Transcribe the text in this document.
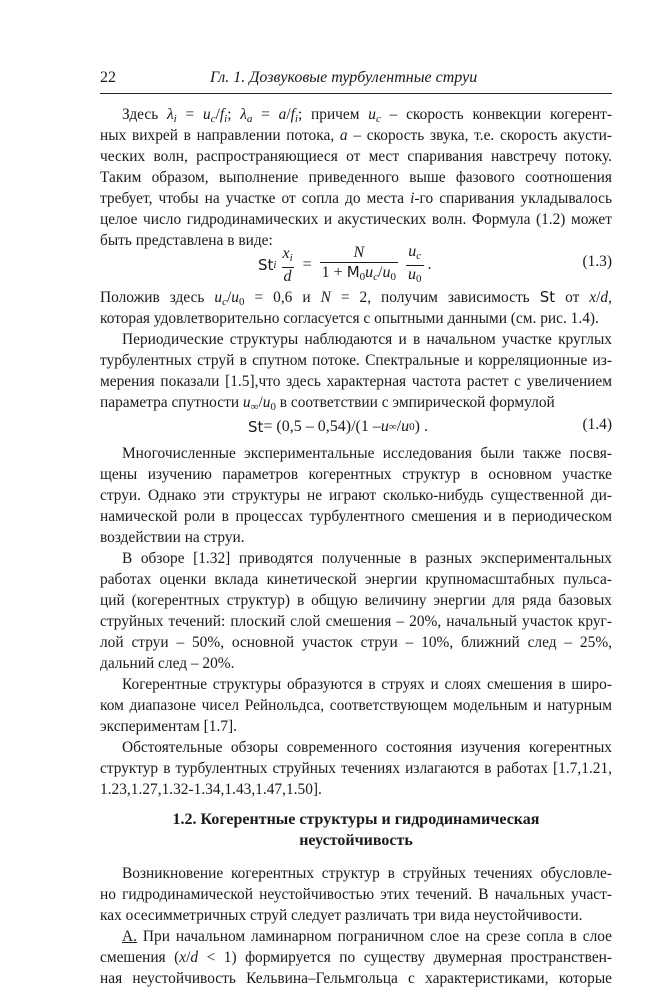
22	Гл. 1. Дозвуковые турбулентные струи
Здесь $\lambda_i = u_c/f_i$; $\lambda_a = a/f_i$; причем $u_c$ – скорость конвекции когерент-
ных вихрей в направлении потока, a – скорость звука, т.е. скорость акусти-
ческих волн, распространяющиеся от мест спаривания навстречу потоку.
Таким образом, выполнение приведенного выше фазового соотношения
требует, чтобы на участке от сопла до места i-го спаривания укладывалось
целое число гидродинамических и акустических волн. Формула (1.2) может
быть представлена в виде:
St i $\frac{x_i}{d} = \frac{N}{1 + M_0u_c/u_0} \frac{u_c}{u_0}$ .	(1.3)
Положив здесь $u_c/u_0 = 0,6$ и N = 2, получим зависимость St от x/d,
которая удовлетворительно согласуется с опытными данными (см. рис. 1.4).
Периодические структуры наблюдаются и в начальном участке круглых
турбулентных струй в спутном потоке. Спектральные и корреляционные из-
мерения показали [1.5],что здесь характерная частота растет с увеличением
параметра спутности $u_\infty/u_0$ в соответствии с эмпирической формулой
St = (0,5 – 0,54)/(1 – u ∞ / u 0 ) .	(1.4)
Многочисленные экспериментальные исследования были также посвя-
щены изучению параметров когерентных структур в основном участке
струи. Однако эти структуры не играют сколько-нибудь существенной ди-
намической роли в процессах турбулентного смешения и в периодическом
воздействии на струи.
В обзоре [1.32] приводятся полученные в разных экспериментальных
работах оценки вклада кинетической энергии крупномасштабных пульса-
ций (когерентных структур) в общую величину энергии для ряда базовых
струйных течений: плоский слой смешения – 20%, начальный участок круг-
лой струи – 50%, основной участок струи – 10%, ближний след – 25%,
дальний след – 20%.
Когерентные структуры образуются в струях и слоях смешения в широ-
ком диапазоне чисел Рейнольдса, соответствующем модельным и натурным
экспериментам [1.7].
Обстоятельные обзоры современного состояния изучения когерентных
структур в турбулентных струйных течениях излагаются в работах [1.7,1.21,
1.23,1.27,1.32-1.34,1.43,1.47,1.50].
1.2. Когерентные структуры и гидродинамическая
неустойчивость
Возникновение когерентных структур в струйных течениях обусловле-
но гидродинамической неустойчивостью этих течений. В начальных участ-
ках осесимметричных струй следует различать три вида неустойчивости.
А. При начальном ламинарном пограничном слое на срезе сопла в слое
смешения (x/d < 1) формируется по существу двумерная пространствен-
ная неустойчивость Кельвина–Гельмгольца с характеристиками, которые
